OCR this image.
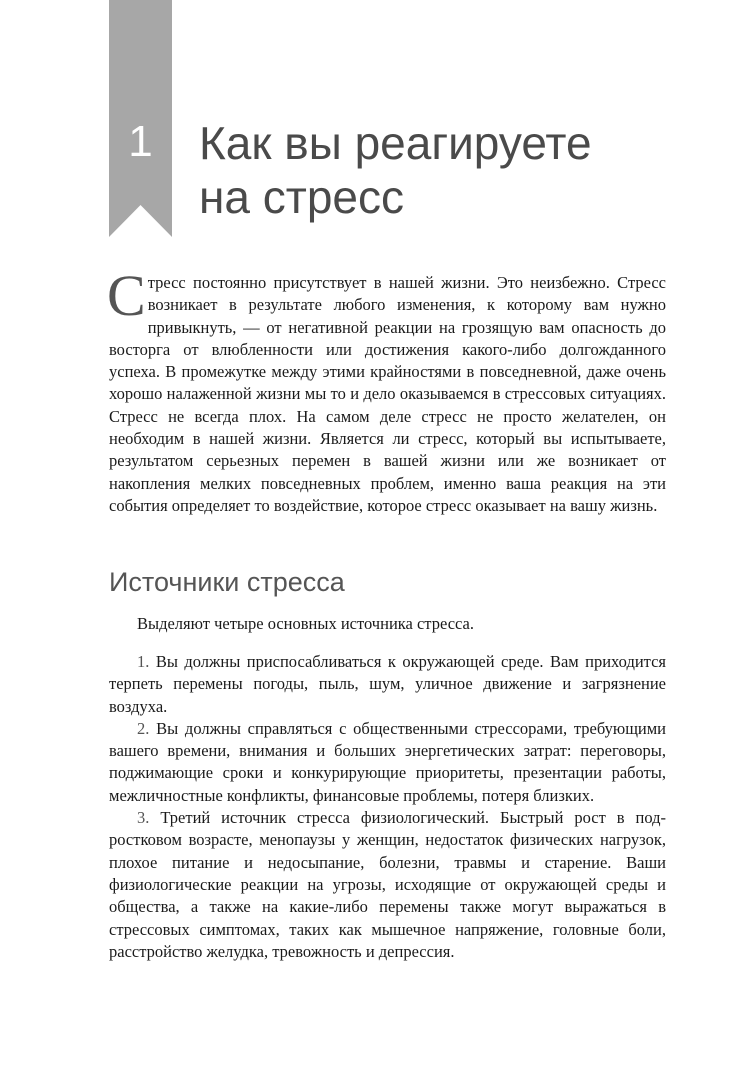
1	Как вы реагируете
на стресс
Стресс постоянно присутствует в нашей жизни. Это неизбежно. Стресс возникает в результате любого изменения, к которому вам нужно привыкнуть, — от негативной реакции на грозящую вам опасность до восторга от влюбленности или достижения какого-либо долгожданного успеха. В промежутке между этими крайностями в повседневной, даже очень хорошо налаженной жизни мы то и дело оказываемся в стрессовых ситуациях. Стресс не всегда плох. На самом деле стресс не просто желателен, он необходим в нашей жизни. Является ли стресс, который вы испытываете, результатом серьезных перемен в вашей жизни или же возникает от накопления мелких повседневных проблем, именно ваша реакция на эти события определяет то воздействие, которое стресс оказывает на вашу жизнь.
Источники стресса
Выделяют четыре основных источника стресса.

1. Вы должны приспосабливаться к окружающей среде. Вам приходится терпеть перемены погоды, пыль, шум, уличное движение и загрязнение воздуха.

2. Вы должны справляться с общественными стрессорами, требующими вашего времени, внимания и больших энергетических затрат: переговоры, поджимающие сроки и конкурирующие приоритеты, презентации работы, межличностные конфликты, финансовые проблемы, потеря близких.

3. Третий источник стресса физиологический. Быстрый рост в подростковом возрасте, менопаузы у женщин, недостаток физических нагрузок, плохое питание и недосыпание, болезни, травмы и старение. Ваши физиологические реакции на угрозы, исходящие от окружающей среды и общества, а также на какие-либо перемены также могут выражаться в стрессовых симптомах, таких как мышечное напряжение, головные боли, расстройство желудка, тревожность и депрессия.
